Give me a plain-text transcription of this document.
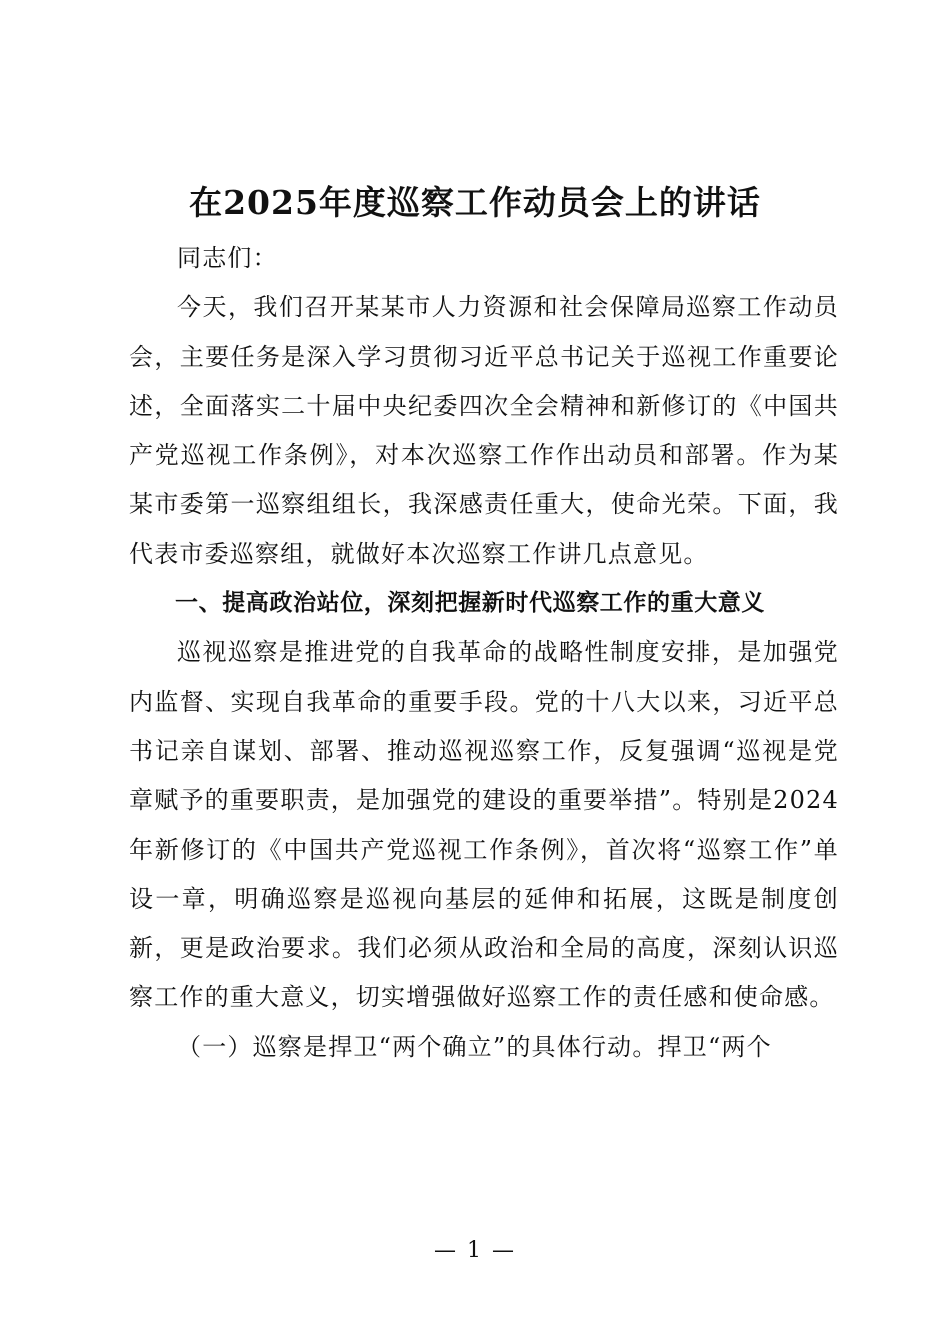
在2025年度巡察工作动员会上的讲话

同志们：

今天，我们召开某某市人力资源和社会保障局巡察工作动员会，主要任务是深入学习贯彻习近平总书记关于巡视工作重要论述，全面落实二十届中央纪委四次全会精神和新修订的《中国共产党巡视工作条例》，对本次巡察工作作出动员和部署。作为某某市委第一巡察组组长，我深感责任重大，使命光荣。下面，我代表市委巡察组，就做好本次巡察工作讲几点意见。

一、提高政治站位，深刻把握新时代巡察工作的重大意义

巡视巡察是推进党的自我革命的战略性制度安排，是加强党内监督、实现自我革命的重要手段。党的十八大以来，习近平总书记亲自谋划、部署、推动巡视巡察工作，反复强调“巡视是党章赋予的重要职责，是加强党的建设的重要举措”。特别是2024年新修订的《中国共产党巡视工作条例》，首次将“巡察工作”单设一章，明确巡察是巡视向基层的延伸和拓展，这既是制度创新，更是政治要求。我们必须从政治和全局的高度，深刻认识巡察工作的重大意义，切实增强做好巡察工作的责任感和使命感。

（一）巡察是捍卫“两个确立”的具体行动。捍卫“两个

— 1 —
